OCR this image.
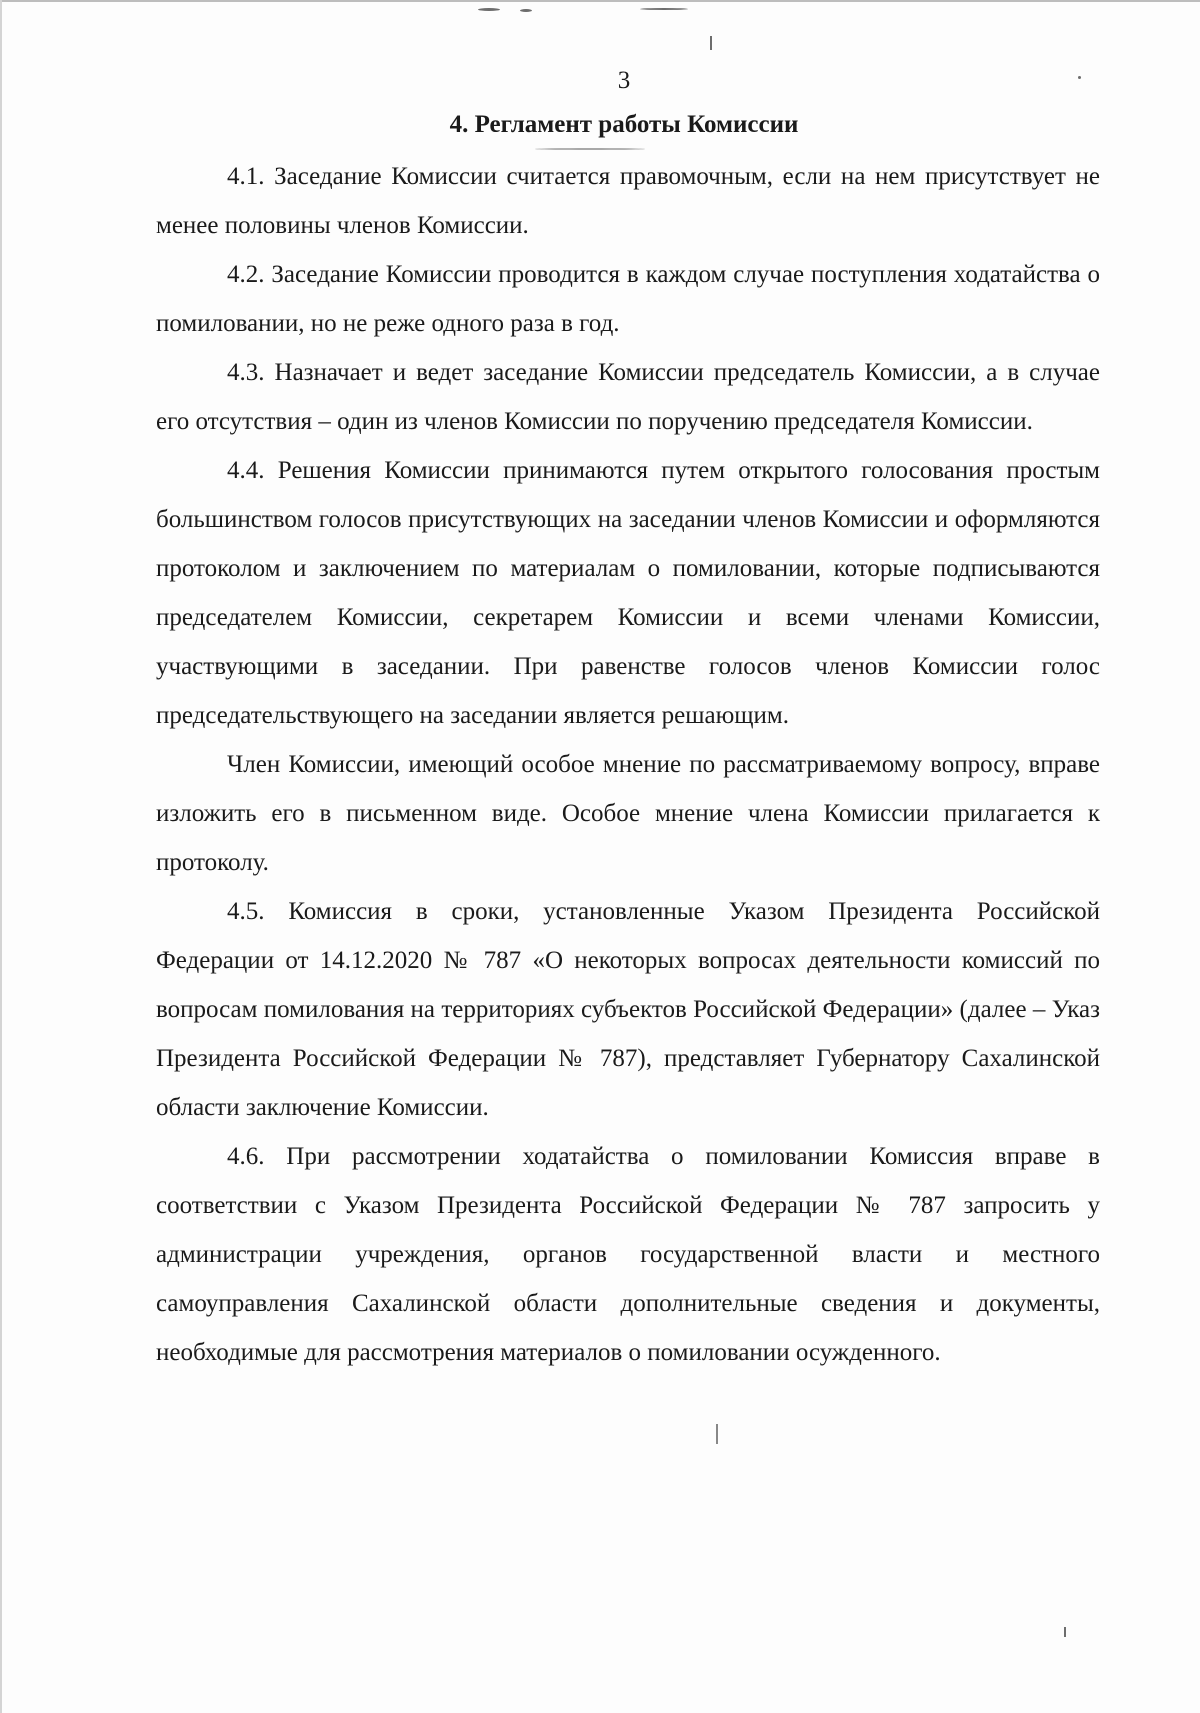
3
4. Регламент работы Комиссии

4.1. Заседание Комиссии считается правомочным, если на нем присутствует не менее половины членов Комиссии.

4.2. Заседание Комиссии проводится в каждом случае поступления ходатайства о помиловании, но не реже одного раза в год.

4.3. Назначает и ведет заседание Комиссии председатель Комиссии, а в случае его отсутствия – один из членов Комиссии по поручению председателя Комиссии.

4.4. Решения Комиссии принимаются путем открытого голосования простым большинством голосов присутствующих на заседании членов Комиссии и оформляются протоколом и заключением по материалам о помиловании, которые подписываются председателем Комиссии, секретарем Комиссии и всеми членами Комиссии, участвующими в заседании. При равенстве голосов членов Комиссии голос председательствующего на заседании является решающим.

Член Комиссии, имеющий особое мнение по рассматриваемому вопросу, вправе изложить его в письменном виде. Особое мнение члена Комиссии прилагается к протоколу.

4.5. Комиссия в сроки, установленные Указом Президента Российской Федерации от 14.12.2020 № 787 «О некоторых вопросах деятельности комиссий по вопросам помилования на территориях субъектов Российской Федерации» (далее – Указ Президента Российской Федерации № 787), представляет Губернатору Сахалинской области заключение Комиссии.

4.6. При рассмотрении ходатайства о помиловании Комиссия вправе в соответствии с Указом Президента Российской Федерации № 787 запросить у администрации учреждения, органов государственной власти и местного самоуправления Сахалинской области дополнительные сведения и документы, необходимые для рассмотрения материалов о помиловании осужденного.
